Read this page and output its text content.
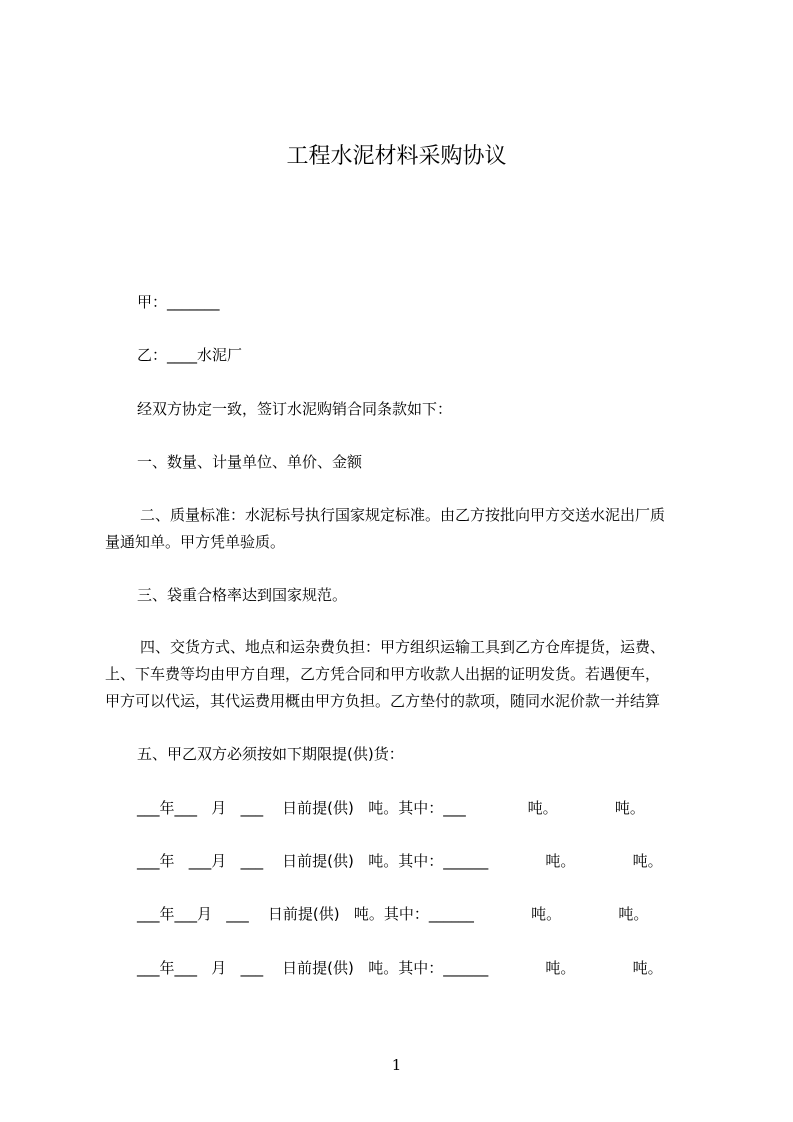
工程水泥材料采购协议
甲：_______
乙：____水泥厂
经双方协定一致，签订水泥购销合同条款如下：
一、数量、计量单位、单价、金额
二、质量标准：水泥标号执行国家规定标准。由乙方按批向甲方交送水泥出厂质
量通知单。甲方凭单验质。
三、袋重合格率达到国家规范。
四、交货方式、地点和运杂费负担：甲方组织运输工具到乙方仓库提货，运费、
上、下车费等均由甲方自理，乙方凭合同和甲方收款人出据的证明发货。若遇便车，
甲方可以代运，其代运费用概由甲方负担。乙方垫付的款项，随同水泥价款一并结算
五、甲乙双方必须按如下期限提(供)货：
___年___   月   ___    日前提(供)   吨。其中：___             吨。            吨。
___年   ___月   ___    日前提(供)   吨。其中：______            吨。            吨。
___年___月   ___    日前提(供)   吨。其中：______            吨。            吨。
___年___   月   ___    日前提(供)   吨。其中：______            吨。            吨。
1
